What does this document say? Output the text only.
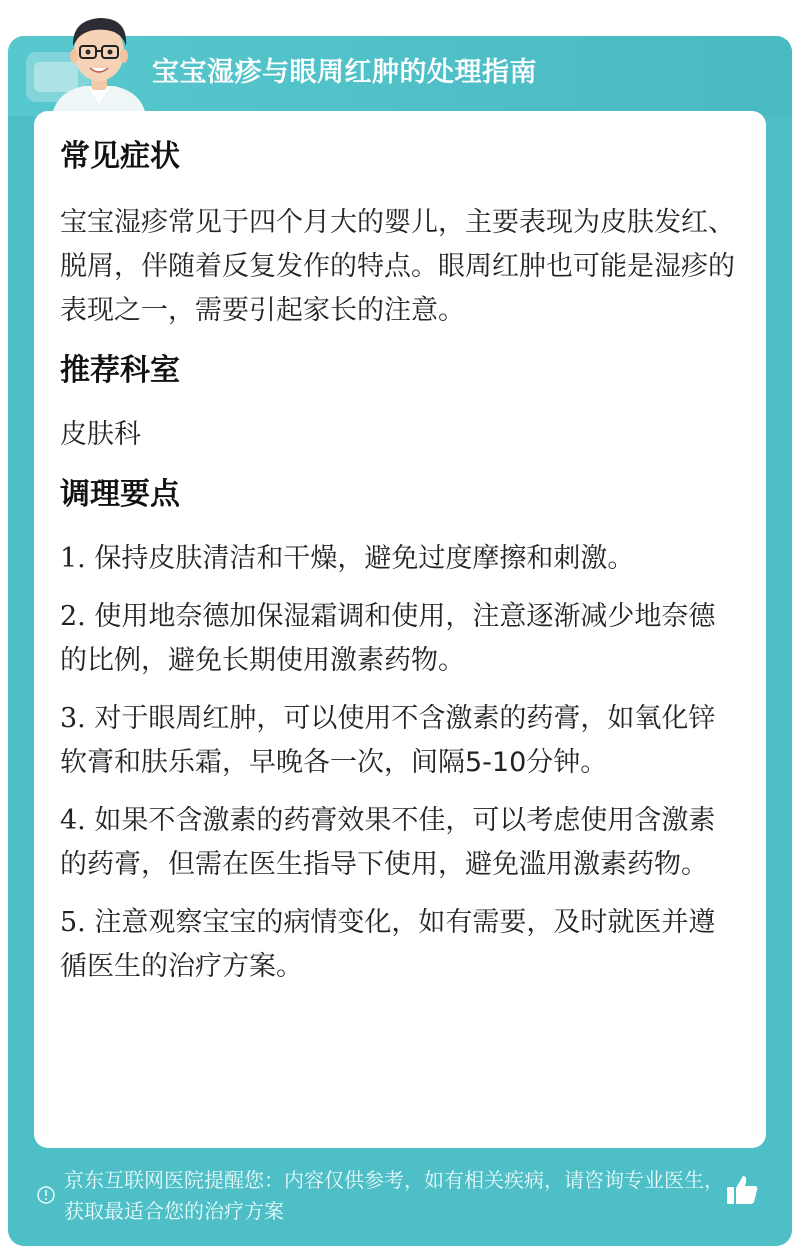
宝宝湿疹与眼周红肿的处理指南

常见症状

宝宝湿疹常见于四个月大的婴儿，主要表现为皮肤发红、脱屑，伴随着反复发作的特点。眼周红肿也可能是湿疹的表现之一，需要引起家长的注意。

推荐科室

皮肤科

调理要点

1. 保持皮肤清洁和干燥，避免过度摩擦和刺激。

2. 使用地奈德加保湿霜调和使用，注意逐渐减少地奈德的比例，避免长期使用激素药物。

3. 对于眼周红肿，可以使用不含激素的药膏，如氧化锌软膏和肤乐霜，早晚各一次，间隔5-10分钟。

4. 如果不含激素的药膏效果不佳，可以考虑使用含激素的药膏，但需在医生指导下使用，避免滥用激素药物。

5. 注意观察宝宝的病情变化，如有需要，及时就医并遵循医生的治疗方案。

京东互联网医院提醒您：内容仅供参考，如有相关疾病，请咨询专业医生，获取最适合您的治疗方案
